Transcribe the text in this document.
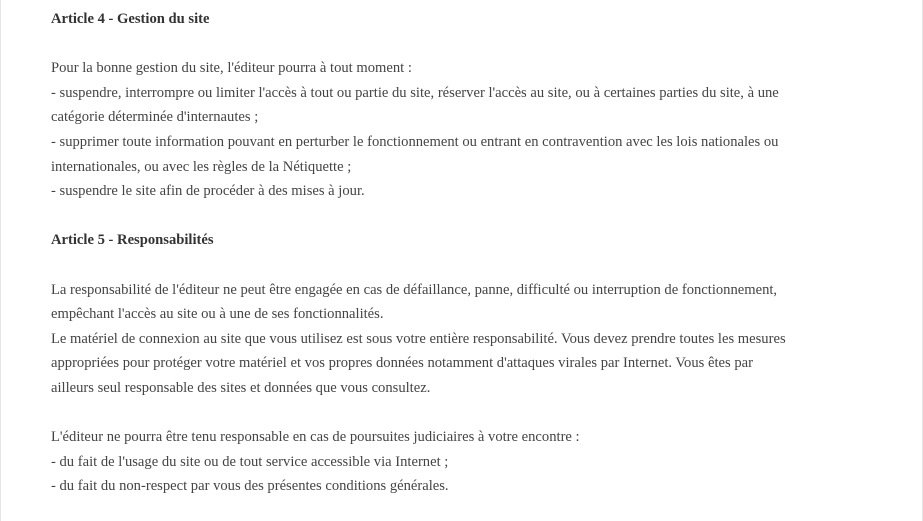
Article 4 - Gestion du site

Pour la bonne gestion du site, l'éditeur pourra à tout moment :

- suspendre, interrompre ou limiter l'accès à tout ou partie du site, réserver l'accès au site, ou à certaines parties du site, à une

catégorie déterminée d'internautes ;

- supprimer toute information pouvant en perturber le fonctionnement ou entrant en contravention avec les lois nationales ou

internationales, ou avec les règles de la Nétiquette ;

- suspendre le site afin de procéder à des mises à jour.

Article 5 - Responsabilités

La responsabilité de l'éditeur ne peut être engagée en cas de défaillance, panne, difficulté ou interruption de fonctionnement,

empêchant l'accès au site ou à une de ses fonctionnalités.

Le matériel de connexion au site que vous utilisez est sous votre entière responsabilité. Vous devez prendre toutes les mesures

appropriées pour protéger votre matériel et vos propres données notamment d'attaques virales par Internet. Vous êtes par

ailleurs seul responsable des sites et données que vous consultez.

L'éditeur ne pourra être tenu responsable en cas de poursuites judiciaires à votre encontre :

- du fait de l'usage du site ou de tout service accessible via Internet ;

- du fait du non-respect par vous des présentes conditions générales.
